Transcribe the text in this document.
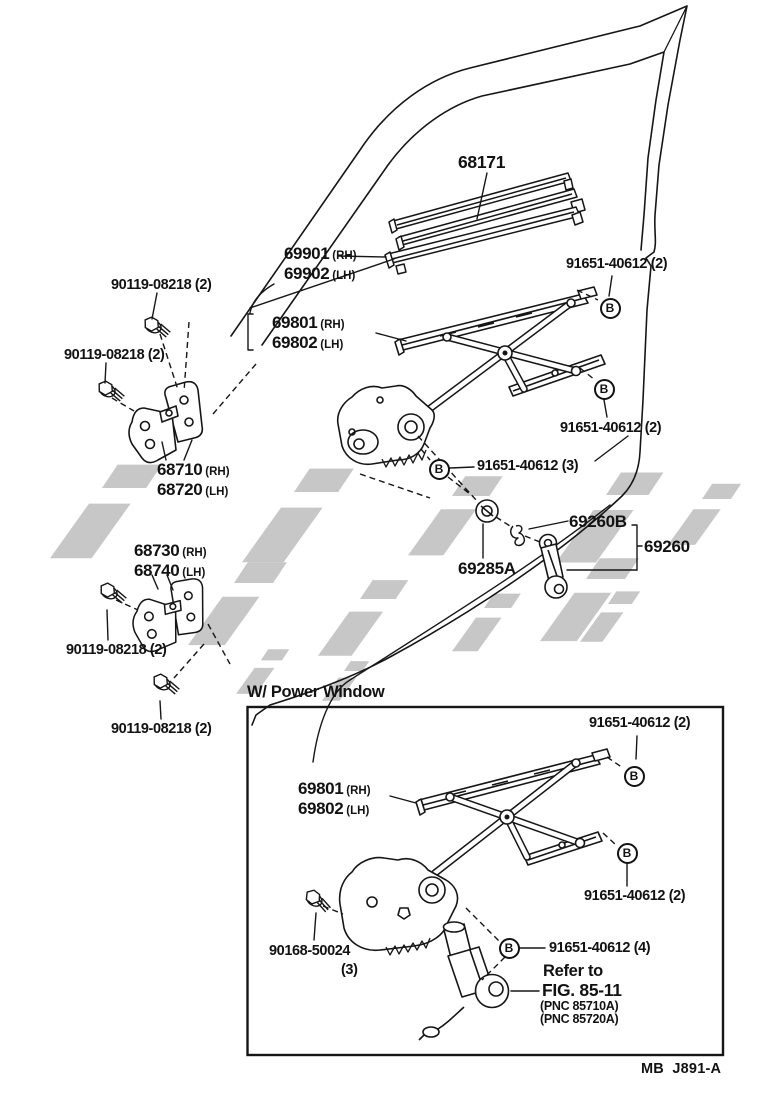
68171
69901 (RH)
69902 (LH)
91651-40612 (2)
69801 (RH)
69802 (LH)
90119-08218 (2)
90119-08218 (2)
68710 (RH)
68720 (LH)
91651-40612 (2)
91651-40612 (3)
68730 (RH)
68740 (LH)
69260B
69260
69285A
90119-08218 (2)
90119-08218 (2)
W/ Power Window
91651-40612 (2)
69801 (RH)
69802 (LH)
91651-40612 (2)
90168-50024
(3)
91651-40612 (4)
Refer to
FIG. 85-11
(PNC 85710A)
(PNC 85720A)
MB  J891-A
B
B
B
B
B
B
